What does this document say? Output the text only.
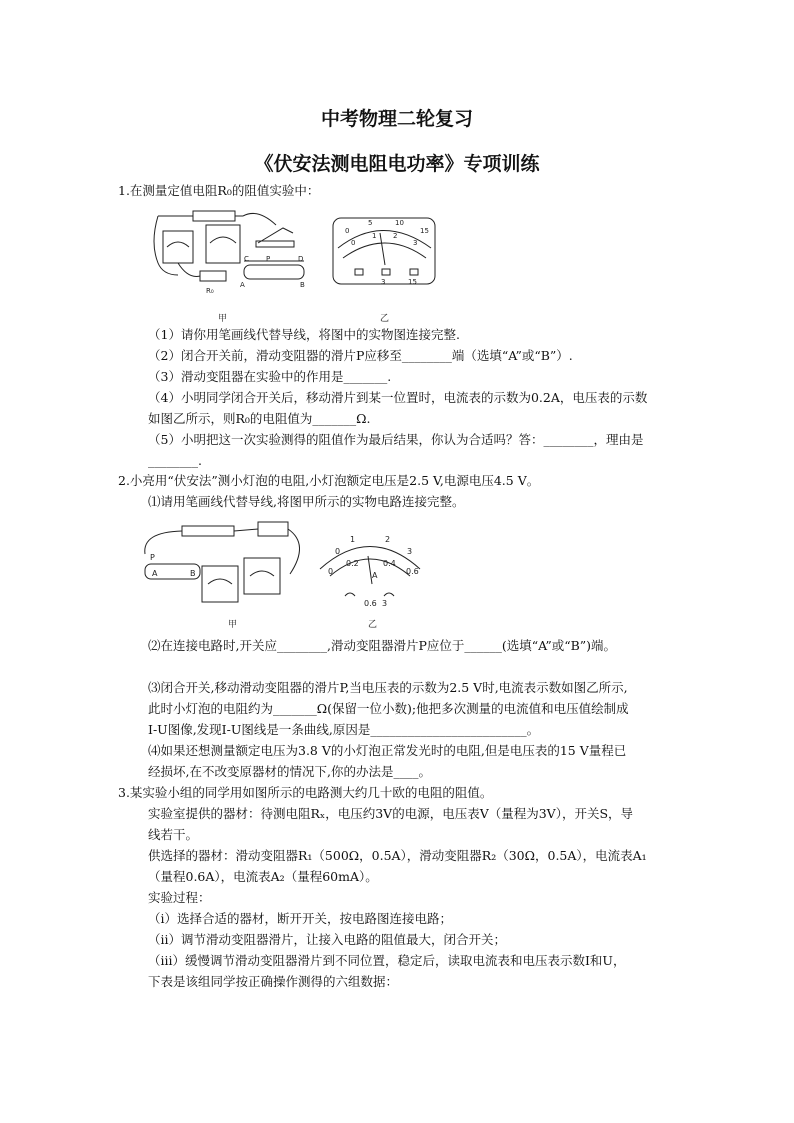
中考物理二轮复习
《伏安法测电阻电功率》专项训练
1.在测量定值电阻R₀的阻值实验中：
C P	D
A	B
R₀
0
5	10
15
0
1 2
3
3	15
甲	乙
（1）请你用笔画线代替导线，将图中的实物图连接完整.
（2）闭合开关前，滑动变阻器的滑片P应移至________端（选填“A”或“B”）.
（3）滑动变阻器在实验中的作用是_______.
（4）小明同学闭合开关后，移动滑片到某一位置时，电流表的示数为0.2A，电压表的示数
如图乙所示，则R₀的电阻值为_______Ω.
（5）小明把这一次实验测得的阻值作为最后结果，你认为合适吗？答：________，理由是
________.
2.小亮用“伏安法”测小灯泡的电阻,小灯泡额定电压是2.5 V,电源电压4.5 V。
⑴请用笔画线代替导线,将图甲所示的实物电路连接完整。
P
A	B
0
1	2
3
0
0.2	0.4
0.6
A
0.6 3
甲	乙
⑵在连接电路时,开关应________,滑动变阻器滑片P应位于______(选填“A”或“B”)端。
⑶闭合开关,移动滑动变阻器的滑片P,当电压表的示数为2.5 V时,电流表示数如图乙所示,
此时小灯泡的电阻约为_______Ω(保留一位小数);他把多次测量的电流值和电压值绘制成
I-U图像,发现I-U图线是一条曲线,原因是_________________________。
⑷如果还想测量额定电压为3.8 V的小灯泡正常发光时的电阻,但是电压表的15 V量程已
经损坏,在不改变原器材的情况下,你的办法是____。
3.某实验小组的同学用如图所示的电路测大约几十欧的电阻的阻值。
实验室提供的器材：待测电阻Rₓ，电压约3V的电源，电压表V（量程为3V），开关S，导
线若干。
供选择的器材：滑动变阻器R₁（500Ω，0.5A），滑动变阻器R₂（30Ω，0.5A），电流表A₁
（量程0.6A），电流表A₂（量程60mA）。
实验过程：
（i）选择合适的器材，断开开关，按电路图连接电路；
（ii）调节滑动变阻器滑片，让接入电路的阻值最大，闭合开关；
（iii）缓慢调节滑动变阻器滑片到不同位置，稳定后，读取电流表和电压表示数I和U，
下表是该组同学按正确操作测得的六组数据：
